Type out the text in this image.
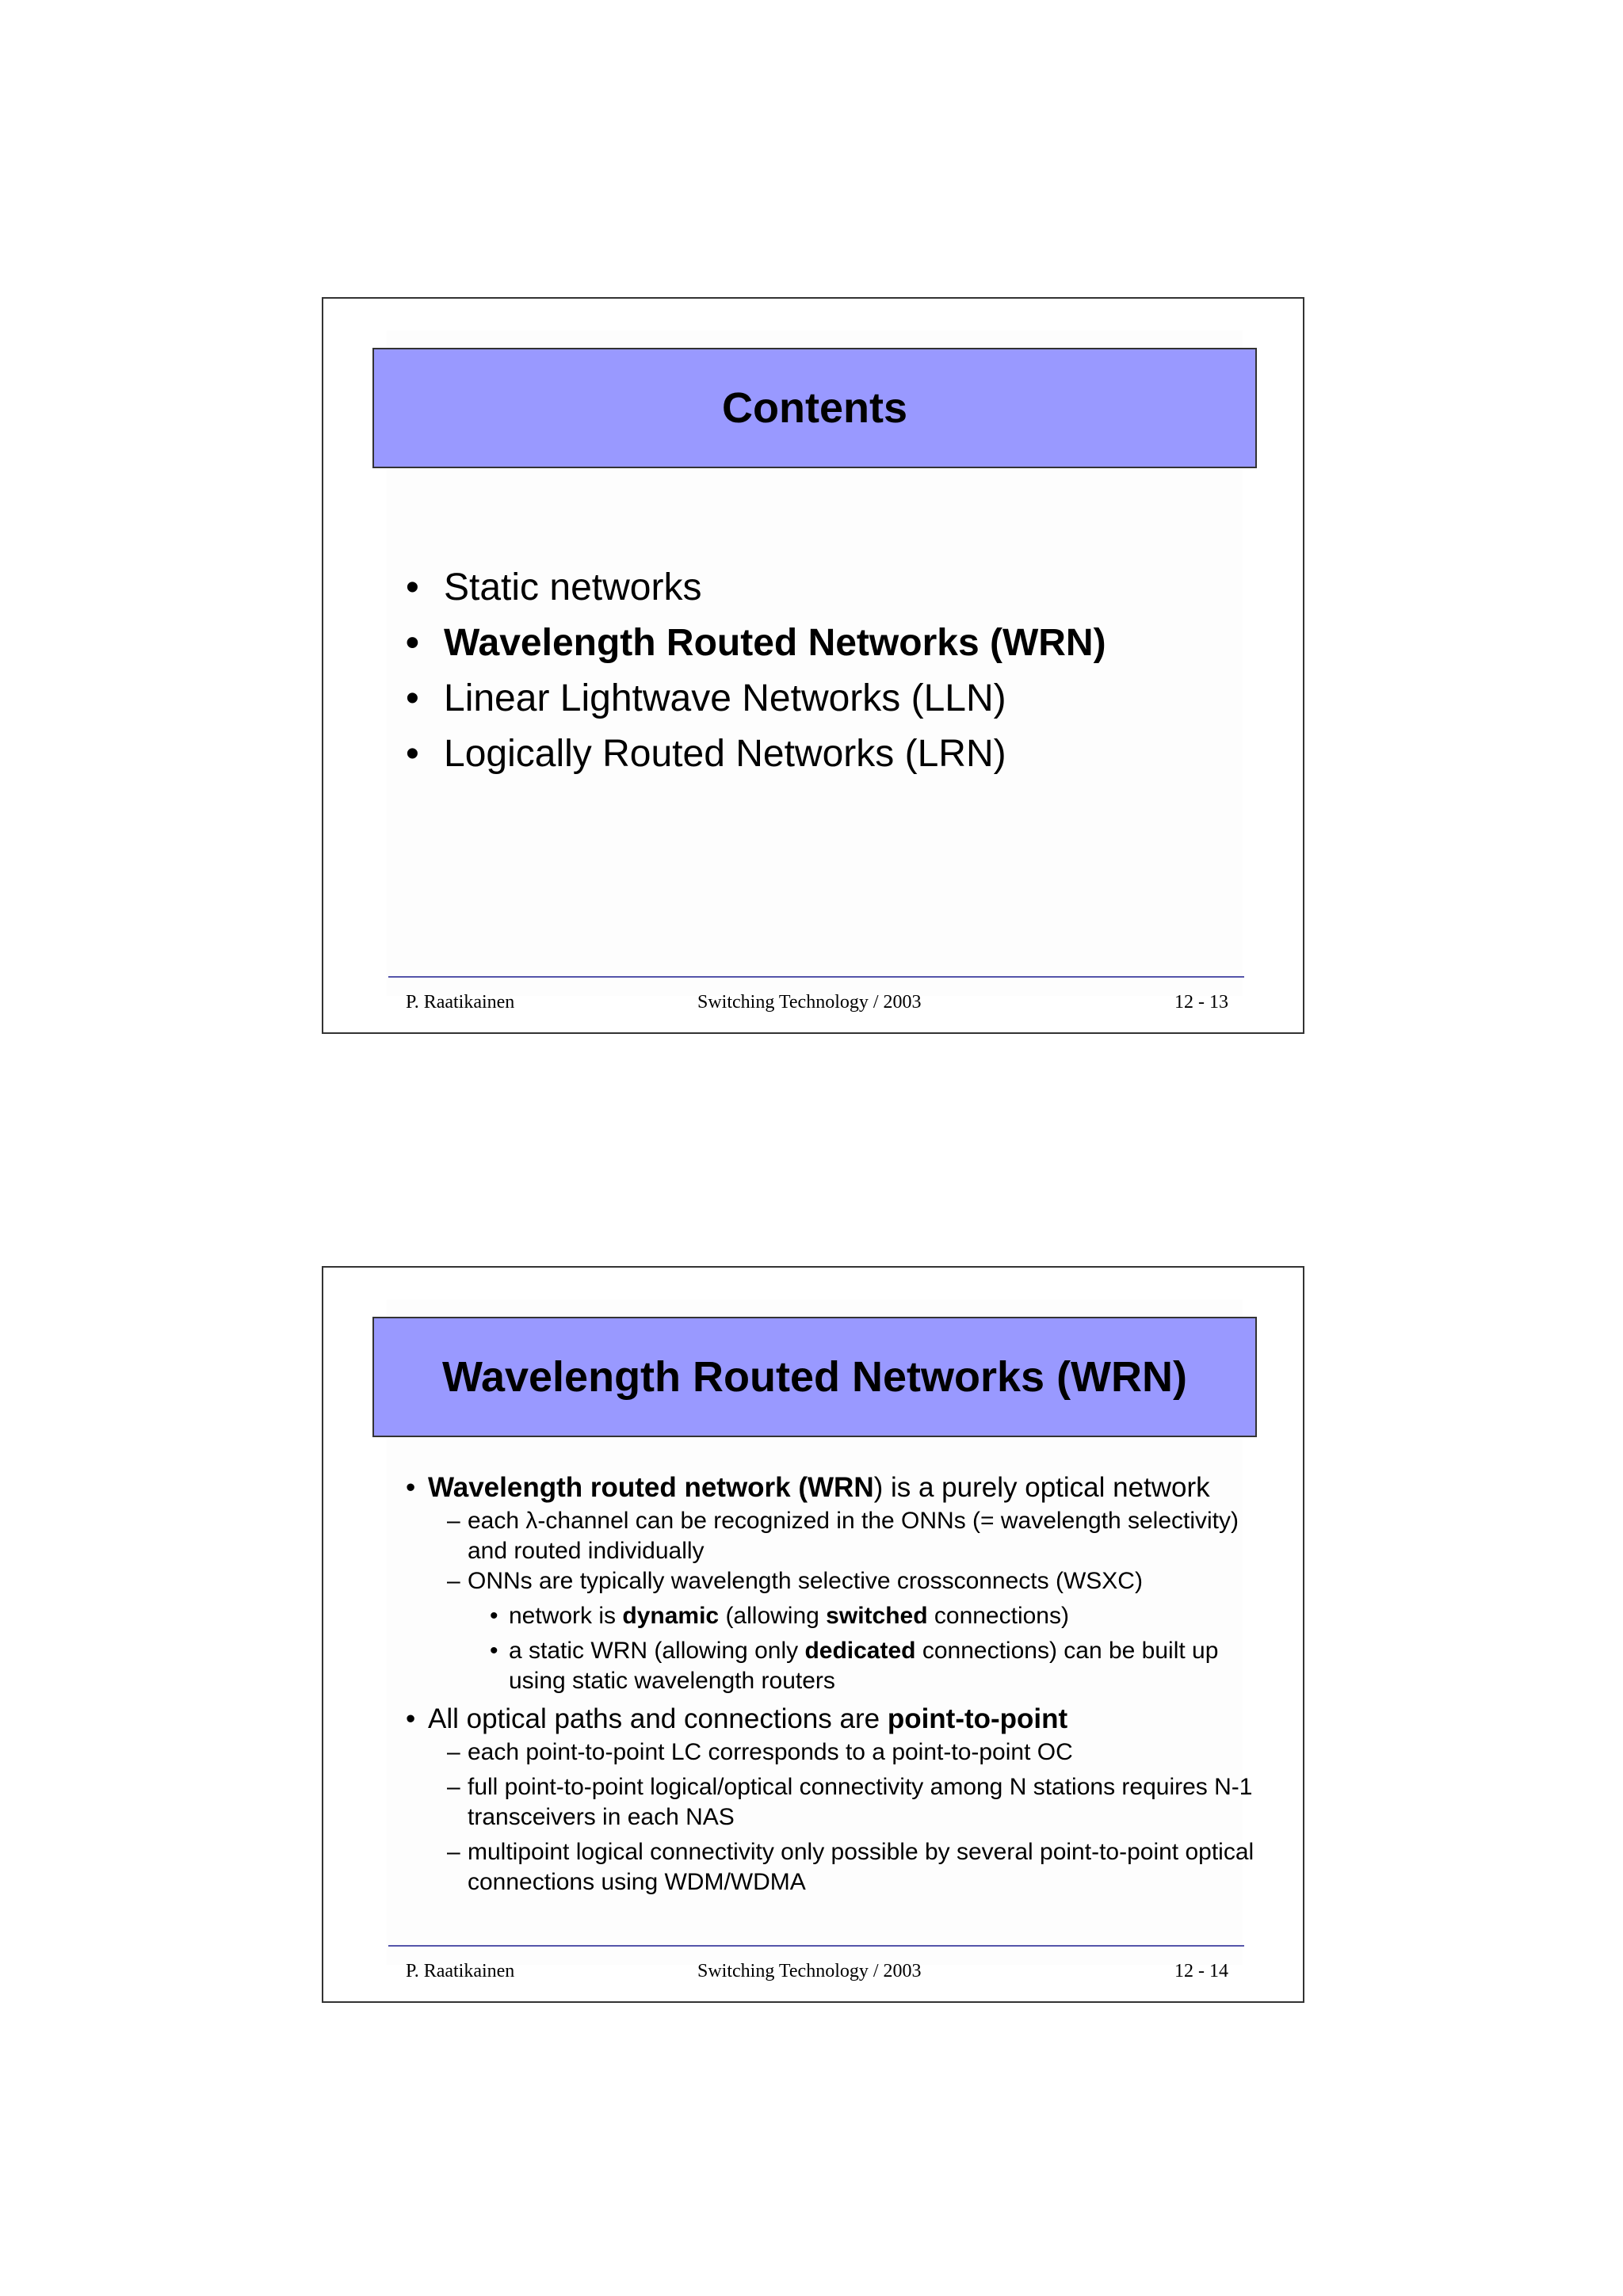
Contents
• Static networks
• Wavelength Routed Networks (WRN)
• Linear Lightwave Networks (LLN)
• Logically Routed Networks (LRN)
P. Raatikainen	Switching Technology / 2003	12 - 13
Wavelength Routed Networks (WRN)
• Wavelength routed network (WRN) is a purely optical network
– each λ-channel can be recognized in the ONNs (= wavelength selectivity) and routed individually
– ONNs are typically wavelength selective crossconnects (WSXC)
• network is dynamic (allowing switched connections)
• a static WRN (allowing only dedicated connections) can be built up using static wavelength routers
• All optical paths and connections are point-to-point
– each point-to-point LC corresponds to a point-to-point OC
– full point-to-point logical/optical connectivity among N stations requires N-1 transceivers in each NAS
– multipoint logical connectivity only possible by several point-to-point optical connections using WDM/WDMA
P. Raatikainen	Switching Technology / 2003	12 - 14
